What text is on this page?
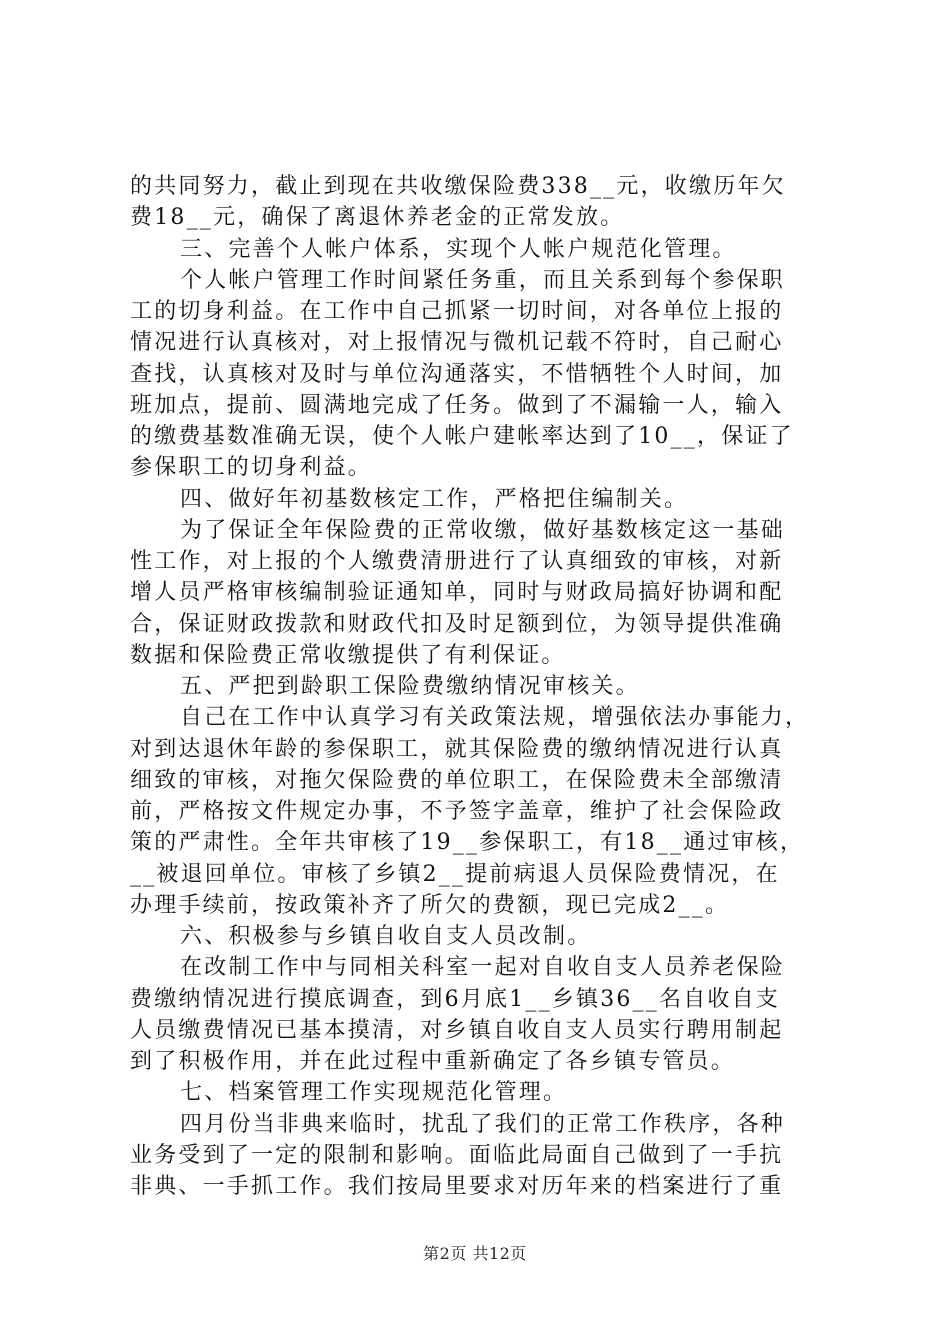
的共同努力，截止到现在共收缴保险费338__元，收缴历年欠
费18__元，确保了离退休养老金的正常发放。
三、完善个人帐户体系，实现个人帐户规范化管理。
个人帐户管理工作时间紧任务重，而且关系到每个参保职
工的切身利益。在工作中自己抓紧一切时间，对各单位上报的
情况进行认真核对，对上报情况与微机记载不符时，自己耐心
查找，认真核对及时与单位沟通落实，不惜牺牲个人时间，加
班加点，提前、圆满地完成了任务。做到了不漏输一人，输入
的缴费基数准确无误，使个人帐户建帐率达到了10__，保证了
参保职工的切身利益。
四、做好年初基数核定工作，严格把住编制关。
为了保证全年保险费的正常收缴，做好基数核定这一基础
性工作，对上报的个人缴费清册进行了认真细致的审核，对新
增人员严格审核编制验证通知单，同时与财政局搞好协调和配
合，保证财政拨款和财政代扣及时足额到位，为领导提供准确
数据和保险费正常收缴提供了有利保证。
五、严把到龄职工保险费缴纳情况审核关。
自己在工作中认真学习有关政策法规，增强依法办事能力，
对到达退休年龄的参保职工，就其保险费的缴纳情况进行认真
细致的审核，对拖欠保险费的单位职工，在保险费未全部缴清
前，严格按文件规定办事，不予签字盖章，维护了社会保险政
策的严肃性。全年共审核了19__参保职工，有18__通过审核，
__被退回单位。审核了乡镇2__提前病退人员保险费情况，在
办理手续前，按政策补齐了所欠的费额，现已完成2__。
六、积极参与乡镇自收自支人员改制。
在改制工作中与同相关科室一起对自收自支人员养老保险
费缴纳情况进行摸底调查，到6月底1__乡镇36__名自收自支
人员缴费情况已基本摸清，对乡镇自收自支人员实行聘用制起
到了积极作用，并在此过程中重新确定了各乡镇专管员。
七、档案管理工作实现规范化管理。
四月份当非典来临时，扰乱了我们的正常工作秩序，各种
业务受到了一定的限制和影响。面临此局面自己做到了一手抗
非典、一手抓工作。我们按局里要求对历年来的档案进行了重
第2页 共12页
